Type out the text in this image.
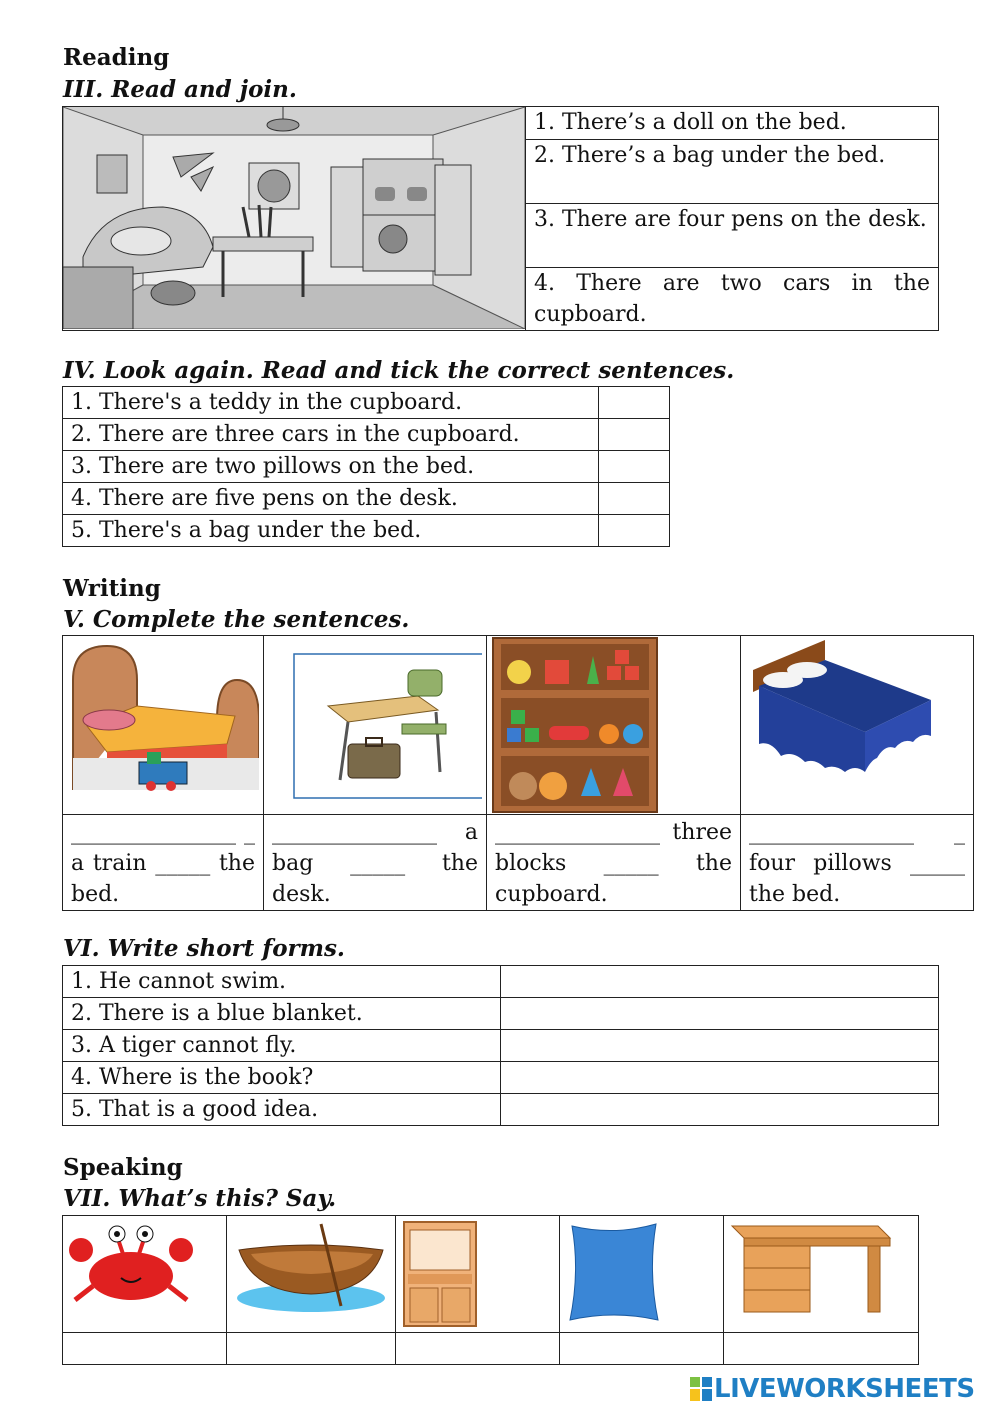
Reading
III. Read and join.
	1. There’s a doll on the bed.
2. There’s a bag under the bed.
3. There are four pens on the desk.
4. There are two cars in the cupboard.
IV. Look again. Read and tick the correct sentences.
1. There's a teddy in the cupboard.	
2. There are three cars in the cupboard.	
3. There are two pillows on the bed.	
4. There are five pens on the desk.	
5. There's a bag under the bed.	
Writing
V. Complete the sentences.

_______________ _ a train _____ the bed.	_______________ a bag _____ the desk.	_______________ three blocks _____ the cupboard.	_______________ _ four pillows _____ the bed.
VI. Write short forms.
1. He cannot swim.	
2. There is a blue blanket.	
3. A tiger cannot fly.	
4. Where is the book?	
5. That is a good idea.	
Speaking
VII. What’s this? Say.

LIVEWORKSHEETS
